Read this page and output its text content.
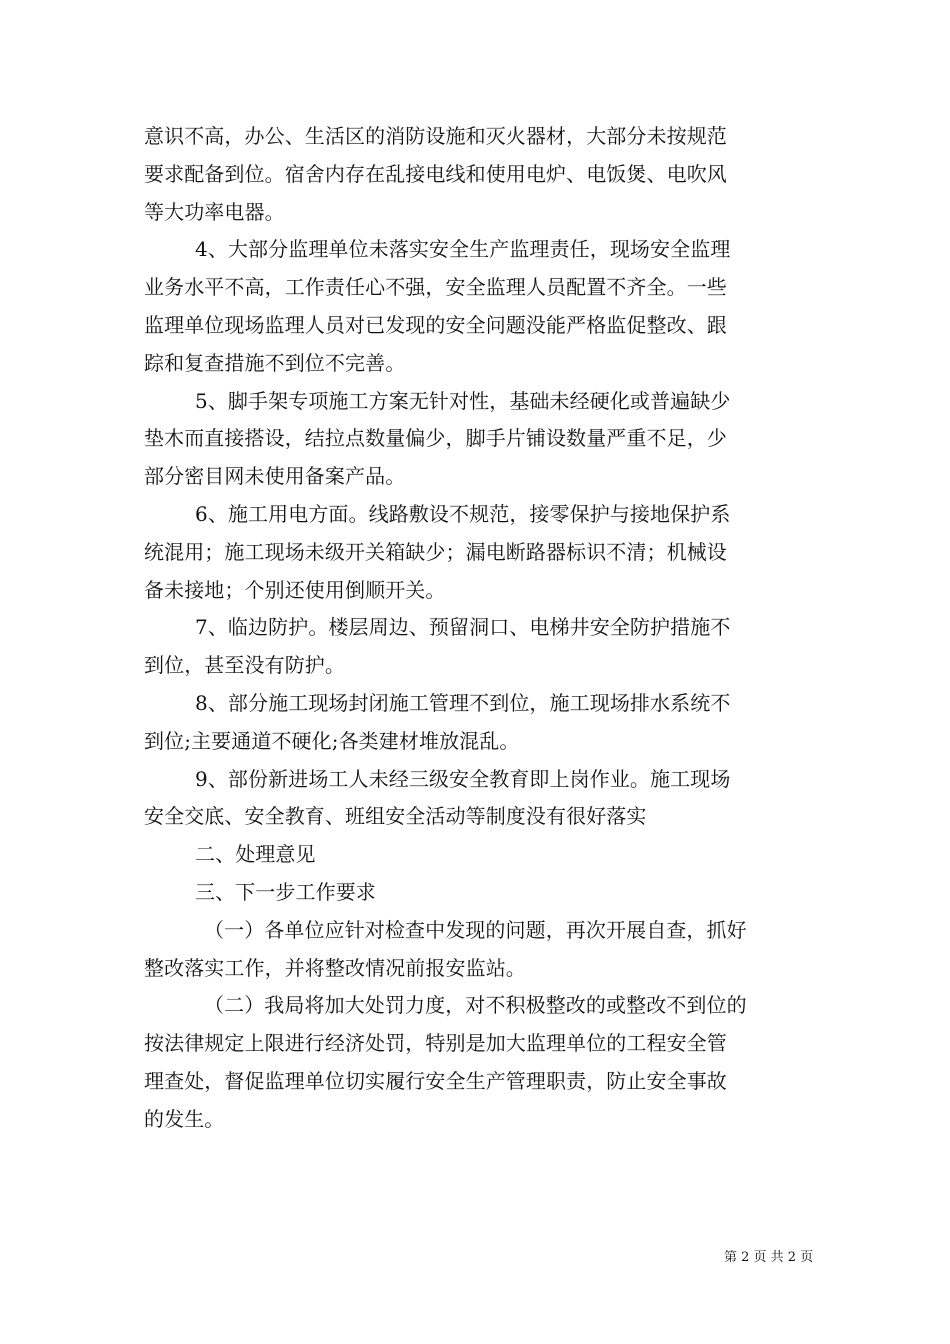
意识不高，办公、生活区的消防设施和灭火器材，大部分未按规范
要求配备到位。宿舍内存在乱接电线和使用电炉、电饭煲、电吹风
等大功率电器。
4、大部分监理单位未落实安全生产监理责任，现场安全监理
业务水平不高，工作责任心不强，安全监理人员配置不齐全。一些
监理单位现场监理人员对已发现的安全问题没能严格监促整改、跟
踪和复查措施不到位不完善。
5、脚手架专项施工方案无针对性，基础未经硬化或普遍缺少
垫木而直接搭设，结拉点数量偏少，脚手片铺设数量严重不足，少
部分密目网未使用备案产品。
6、施工用电方面。线路敷设不规范，接零保护与接地保护系
统混用；施工现场未级开关箱缺少；漏电断路器标识不清；机械设
备未接地；个别还使用倒顺开关。
7、临边防护。楼层周边、预留洞口、电梯井安全防护措施不
到位，甚至没有防护。
8、部分施工现场封闭施工管理不到位，施工现场排水系统不
到位;主要通道不硬化;各类建材堆放混乱。
9、部份新进场工人未经三级安全教育即上岗作业。施工现场
安全交底、安全教育、班组安全活动等制度没有很好落实
二、处理意见
三、下一步工作要求
（一）各单位应针对检查中发现的问题，再次开展自查，抓好
整改落实工作，并将整改情况前报安监站。
（二）我局将加大处罚力度，对不积极整改的或整改不到位的
按法律规定上限进行经济处罚，特别是加大监理单位的工程安全管
理查处，督促监理单位切实履行安全生产管理职责，防止安全事故
的发生。
第 2 页 共 2 页
